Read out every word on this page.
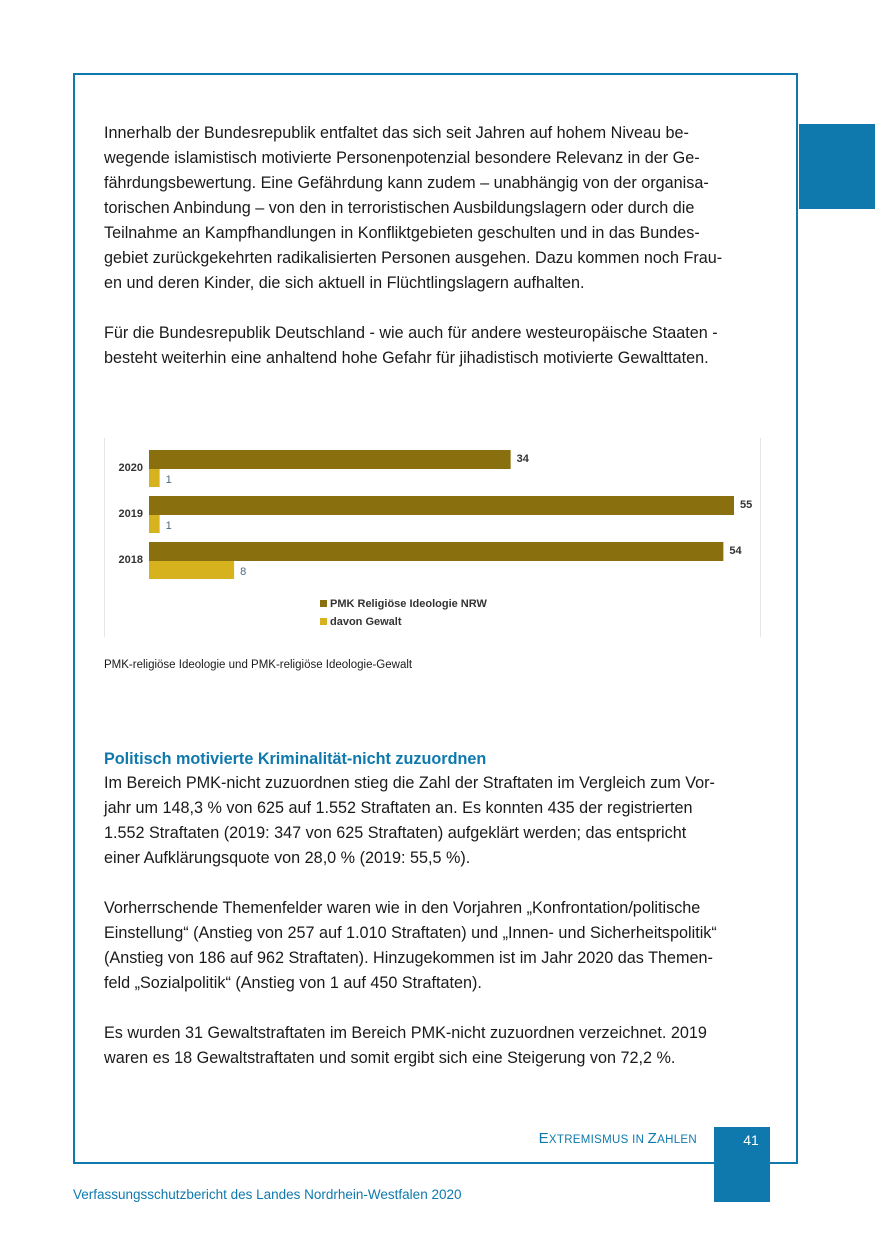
Innerhalb der Bundesrepublik entfaltet das sich seit Jahren auf hohem Niveau be-
wegende islamistisch motivierte Personenpotenzial besondere Relevanz in der Ge-
fährdungsbewertung. Eine Gefährdung kann zudem – unabhängig von der organisa-
torischen Anbindung – von den in terroristischen Ausbildungslagern oder durch die
Teilnahme an Kampfhandlungen in Konfliktgebieten geschulten und in das Bundes-
gebiet zurückgekehrten radikalisierten Personen ausgehen. Dazu kommen noch Frau-
en und deren Kinder, die sich aktuell in Flüchtlingslagern aufhalten.
Für die Bundesrepublik Deutschland - wie auch für andere westeuropäische Staaten -
besteht weiterhin eine anhaltend hohe Gefahr für jihadistisch motivierte Gewalttaten.
2020
34
1
2019
55
1
2018
54
8
PMK Religiöse Ideologie NRW
davon Gewalt

PMK-religiöse Ideologie und PMK-religiöse Ideologie-Gewalt

Politisch motivierte Kriminalität-nicht zuzuordnen
Im Bereich PMK-nicht zuzuordnen stieg die Zahl der Straftaten im Vergleich zum Vor-
jahr um 148,3 % von 625 auf 1.552 Straftaten an. Es konnten 435 der registrierten
1.552 Straftaten (2019: 347 von 625 Straftaten) aufgeklärt werden; das entspricht
einer Aufklärungsquote von 28,0 % (2019: 55,5 %).
Vorherrschende Themenfelder waren wie in den Vorjahren „Konfrontation/politische
Einstellung“ (Anstieg von 257 auf 1.010 Straftaten) und „Innen- und Sicherheitspolitik“
(Anstieg von 186 auf 962 Straftaten). Hinzugekommen ist im Jahr 2020 das Themen-
feld „Sozialpolitik“ (Anstieg von 1 auf 450 Straftaten).
Es wurden 31 Gewaltstraftaten im Bereich PMK-nicht zuzuordnen verzeichnet. 2019
waren es 18 Gewaltstraftaten und somit ergibt sich eine Steigerung von 72,2 %.
EXTREMISMUS IN ZAHLEN	41
Verfassungsschutzbericht des Landes Nordrhein-Westfalen 2020
